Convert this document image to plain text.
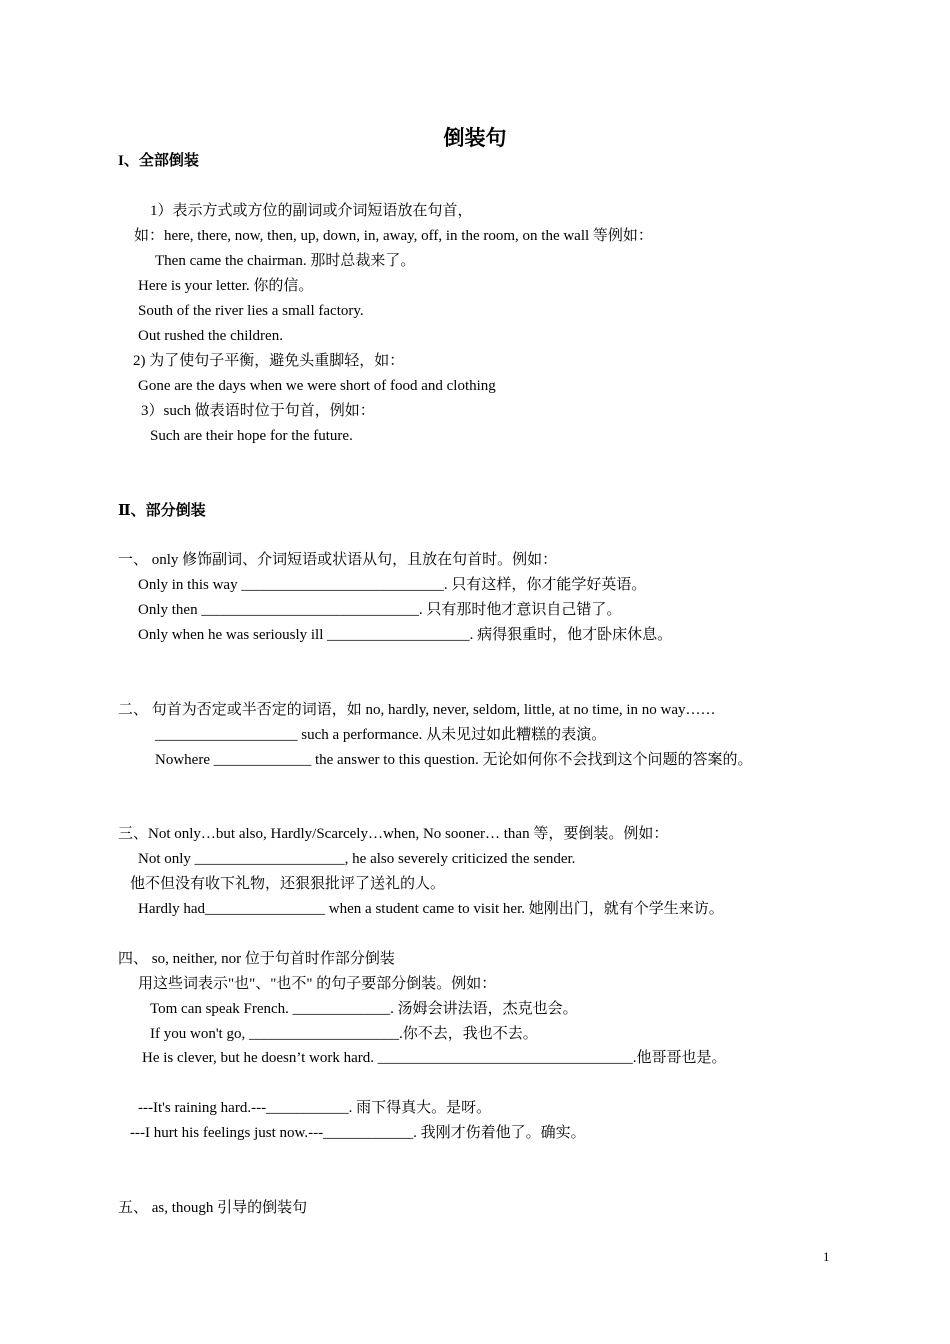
倒装句
I、全部倒装
1）表示方式或方位的副词或介词短语放在句首，
如：here, there, now, then, up, down, in, away, off, in the room, on the wall 等例如：
Then came the chairman. 那时总裁来了。
Here is your letter. 你的信。
South of the river lies a small factory.
Out rushed the children.
2) 为了使句子平衡，避免头重脚轻，如：
Gone are the days when we were short of food and clothing
3）such 做表语时位于句首，例如：
Such are their hope for the future.
Ⅱ、部分倒装
一、 only 修饰副词、介词短语或状语从句，且放在句首时。例如：
Only in this way ___________________________. 只有这样，你才能学好英语。
Only then _____________________________. 只有那时他才意识自己错了。
Only when he was seriously ill ___________________. 病得狠重时，他才卧床休息。
二、 句首为否定或半否定的词语，如 no, hardly, never, seldom, little, at no time, in no way……
___________________ such a performance. 从未见过如此糟糕的表演。
Nowhere _____________ the answer to this question. 无论如何你不会找到这个问题的答案的。
三、Not only…but also, Hardly/Scarcely…when, No sooner… than 等，要倒装。例如：
Not only ____________________, he also severely criticized the sender.
他不但没有收下礼物，还狠狠批评了送礼的人。
Hardly had________________ when a student came to visit her. 她刚出门，就有个学生来访。
四、 so, neither, nor 位于句首时作部分倒装
用这些词表示"也"、"也不" 的句子要部分倒装。例如：
Tom can speak French. _____________. 汤姆会讲法语，杰克也会。
If you won't go, ____________________.你不去，我也不去。
He is clever, but he doesn’t work hard. __________________________________.他哥哥也是。
---It's raining hard.---___________. 雨下得真大。是呀。
---I hurt his feelings just now.---____________. 我刚才伤着他了。确实。
五、 as, though 引导的倒装句
1
